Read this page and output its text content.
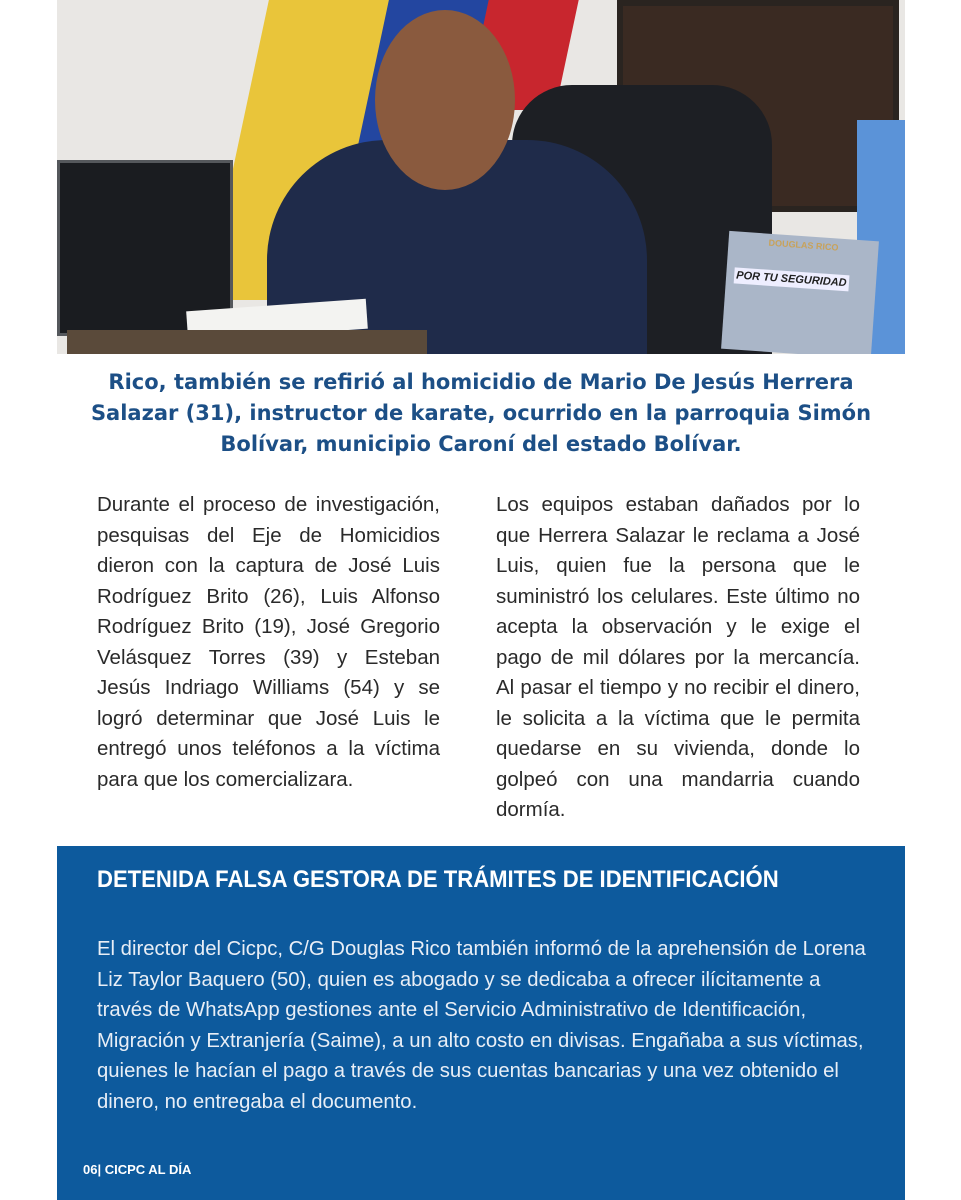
DOUGLAS RICO
POR TU SEGURIDAD
Rico, también se refirió al homicidio de Mario De Jesús Herrera Salazar (31), instructor de karate, ocurrido en la parroquia Simón Bolívar, municipio Caroní del estado Bolívar.
Durante el proceso de investigación, pesquisas del Eje de Homicidios dieron con la captura de José Luis Rodríguez Brito (26), Luis Alfonso Rodríguez Brito (19), José Gregorio Velásquez Torres (39) y Esteban Jesús Indriago Williams (54) y se logró determinar que José Luis le entregó unos teléfonos a la víctima para que los comercializara.
Los equipos estaban dañados por lo que Herrera Salazar le reclama a José Luis, quien fue la persona que le suministró los celulares. Este último no acepta la observación y le exige el pago de mil dólares por la mercancía. Al pasar el tiempo y no recibir el dinero, le solicita a la víctima que le permita quedarse en su vivienda, donde lo golpeó con una mandarria cuando dormía.
DETENIDA FALSA GESTORA DE TRÁMITES DE IDENTIFICACIÓN

El director del Cicpc, C/G Douglas Rico también informó de la aprehensión de Lorena Liz Taylor Baquero (50), quien es abogado y se dedicaba a ofrecer ilícitamente a través de WhatsApp gestiones ante el Servicio Administrativo de Identificación, Migración y Extranjería (Saime), a un alto costo en divisas. Engañaba a sus víctimas, quienes le hacían el pago a través de sus cuentas bancarias y una vez obtenido el dinero, no entregaba el documento.

06| CICPC AL DÍA
